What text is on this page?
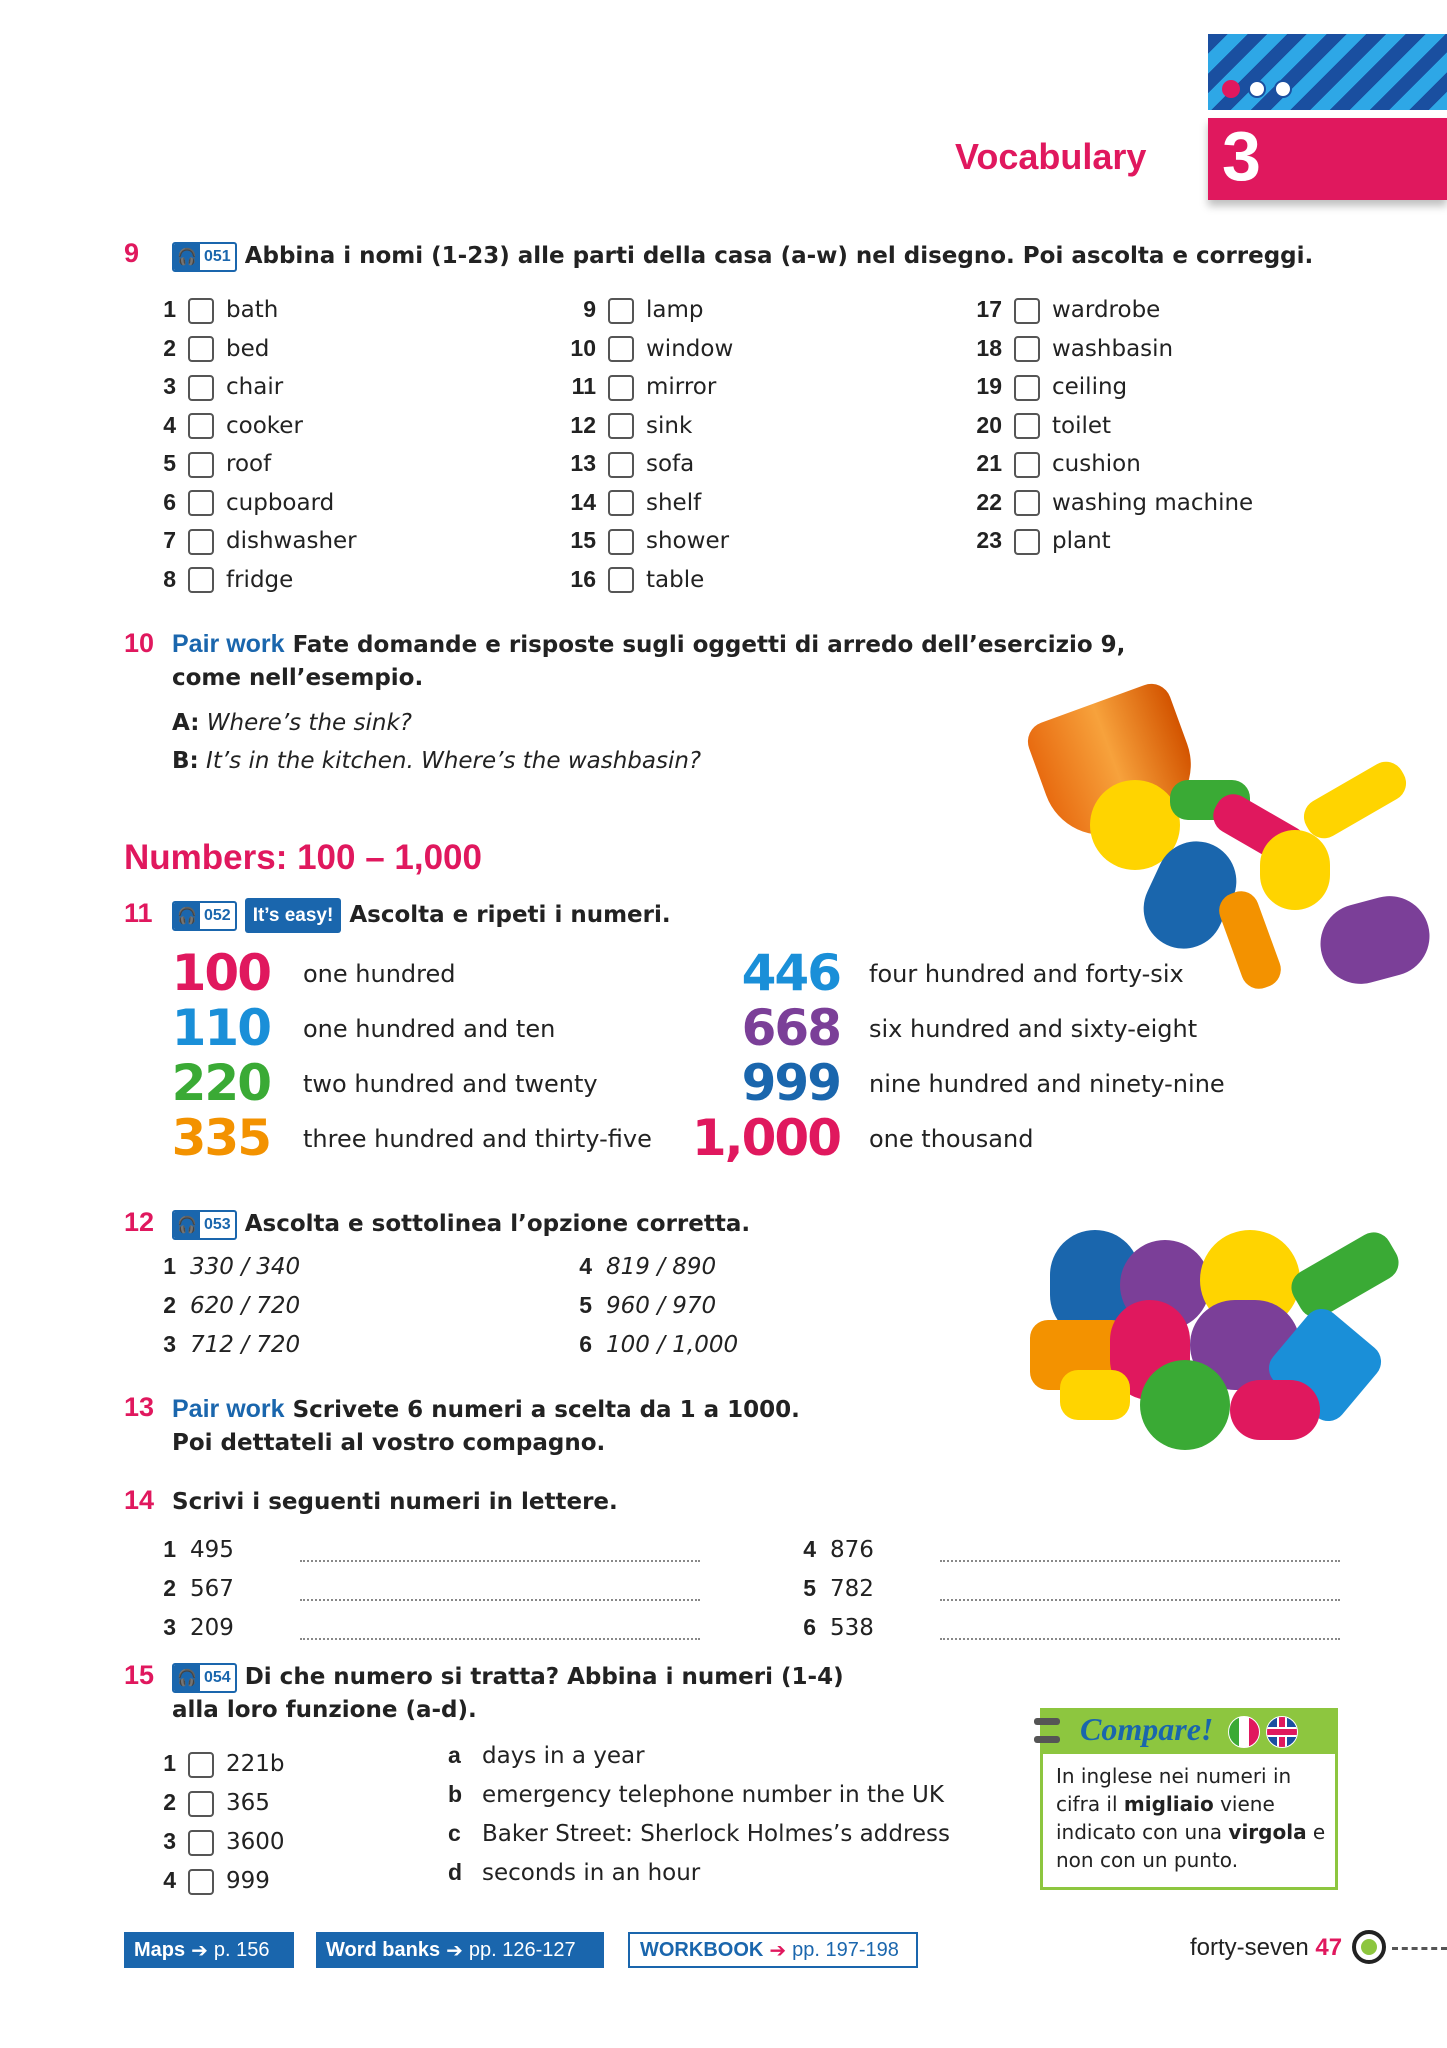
3
Vocabulary
9 🎧 051 Abbina i nomi (1-23) alle parti della casa (a-w) nel disegno. Poi ascolta e correggi.
1 bath
2 bed
3 chair
4 cooker
5 roof
6 cupboard
7 dishwasher
8 fridge
9 lamp
10 window
11 mirror
12 sink
13 sofa
14 shelf
15 shower
16 table
17 wardrobe
18 washbasin
19 ceiling
20 toilet
21 cushion
22 washing machine
23 plant
10 Pair work Fate domande e risposte sugli oggetti di arredo dell’esercizio 9,
come nell’esempio.
A: Where’s the sink?
B: It’s in the kitchen. Where’s the washbasin?
Numbers: 100 – 1,000
11 🎧 052 It’s easy! Ascolta e ripeti i numeri.
100 one hundred
110 one hundred and ten
220 two hundred and twenty
335 three hundred and thirty-five
446 four hundred and forty-six
668 six hundred and sixty-eight
999 nine hundred and ninety-nine
1,000 one thousand
12 🎧 053 Ascolta e sottolinea l’opzione corretta.
1 330 / 340
2 620 / 720
3 712 / 720
4 819 / 890
5 960 / 970
6 100 / 1,000
13 Pair work Scrivete 6 numeri a scelta da 1 a 1000.
Poi dettateli al vostro compagno.
14 Scrivi i seguenti numeri in lettere.
1 495
2 567
3 209
4 876
5 782
6 538
15 🎧 054 Di che numero si tratta? Abbina i numeri (1-4)
alla loro funzione (a-d).
1 221b
2 365
3 3600
4 999
a days in a year
b emergency telephone number in the UK
c Baker Street: Sherlock Holmes’s address
d seconds in an hour
Compare!
In inglese nei numeri in cifra il migliaio viene indicato con una virgola e non con un punto.
Maps ➔ p. 156	Word banks ➔ pp. 126-127	WORKBOOK ➔ pp. 197-198	forty-seven 47
